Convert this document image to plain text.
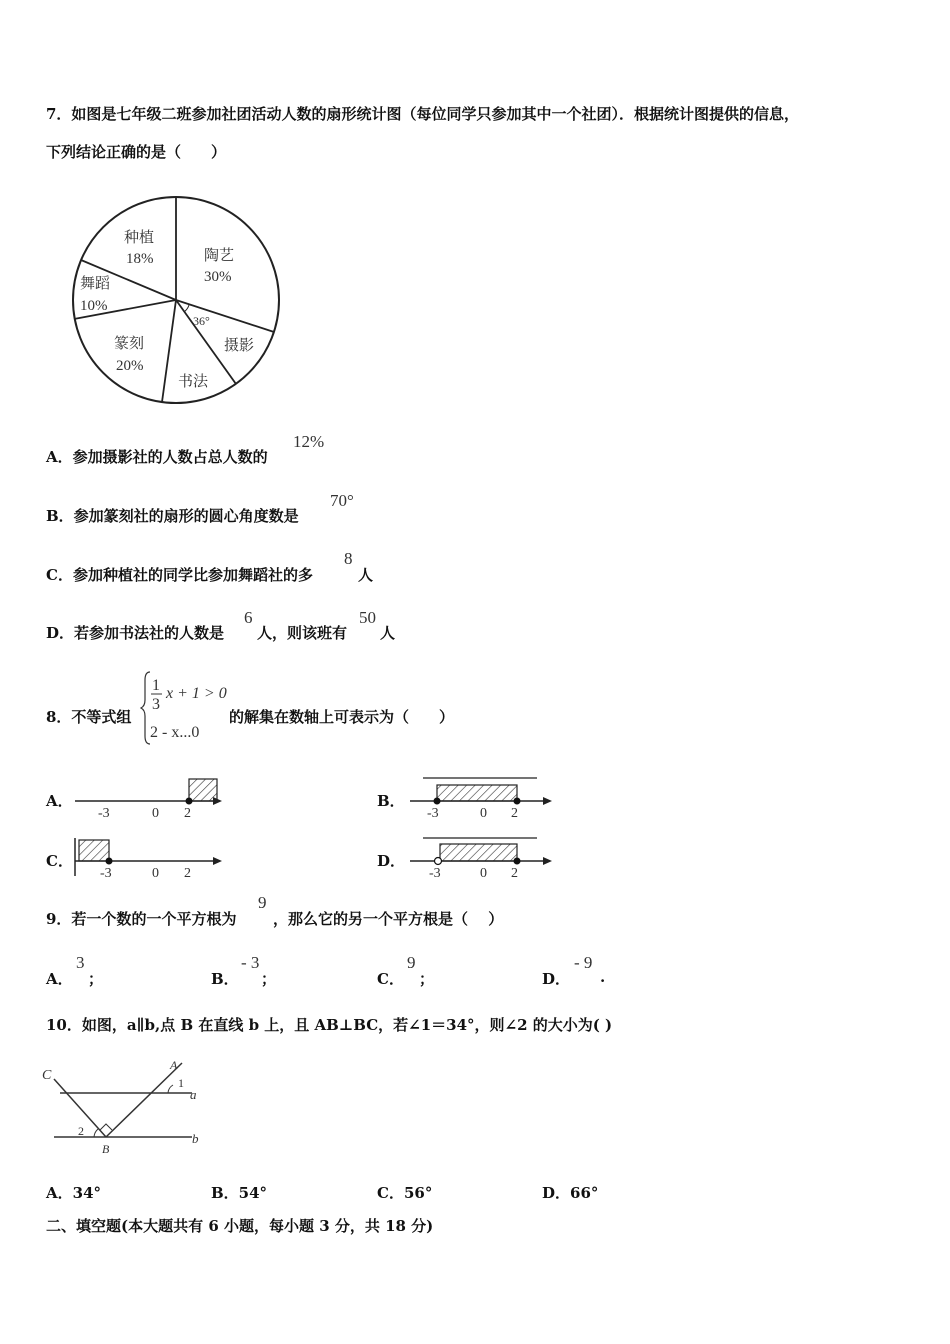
7．如图是七年级二班参加社团活动人数的扇形统计图（每位同学只参加其中一个社团）．根据统计图提供的信息，
下列结论正确的是（　　）
种植
18%	陶艺
30%
舞蹈
10%
篆刻
20%
书法
摄影
36°
A．参加摄影社的人数占总人数的
12%
B．参加篆刻社的扇形的圆心角度数是
70°
C．参加种植社的同学比参加舞蹈社的多
8
人
D．若参加书法社的人数是
6
人，则该班有
50
人
8．不等式组
1
3
x + 1 > 0
2 - x...0
的解集在数轴上可表示为（　　）
A．
-3	0 2
B．
-3	0 2
C．
-3	0 2
D．
-3	0 2
9．若一个数的一个平方根为
9
，那么它的另一个平方根是（　 ）
A．
3
；	B．
- 3
；	C．
9
；	D．
- 9
.
10．如图，a∥b,点 B 在直线 b 上，且 AB⊥BC，若∠1＝34°，则∠2 的大小为( )
C
A
1
a
2	b
B
A．34°	B．54°	C．56°	D．66°
二、填空题(本大题共有 6 小题，每小题 3 分，共 18 分)
